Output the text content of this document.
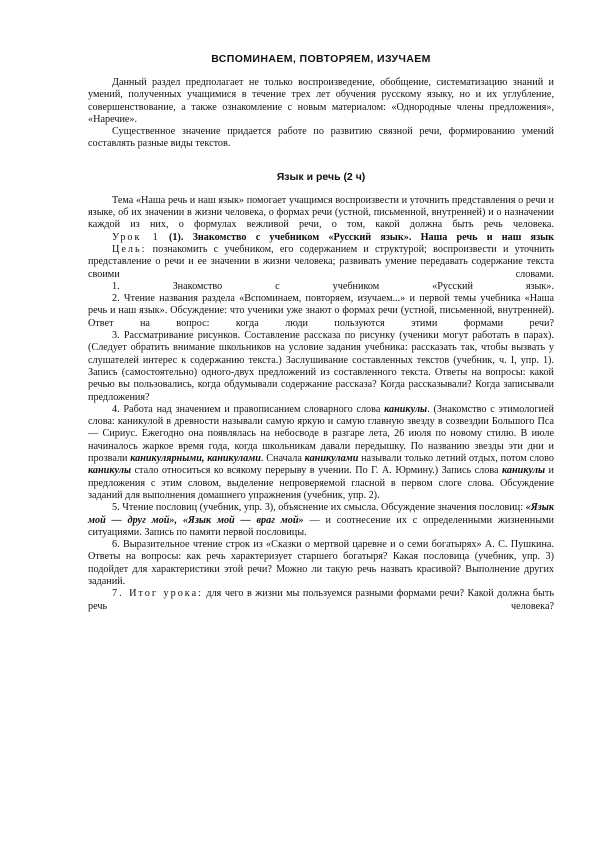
ВСПОМИНАЕМ, ПОВТОРЯЕМ, ИЗУЧАЕМ

Данный раздел предполагает не только воспроизведение, обобщение, систематизацию знаний и умений, полученных учащимися в течение трех лет обучения русскому языку, но и их углубление, совершенствование, а также ознакомление с новым материалом: «Однородные члены предложения», «Наречие».

Существенное значение придается работе по развитию связной речи, формированию умений составлять разные виды текстов.

Язык и речь (2 ч)

Тема «Наша речь и наш язык» помогает учащимся воспроизвести и уточнить представления о речи и языке, об их значении в жизни человека, о формах речи (устной, письменной, внутренней) и о назначении каждой из них, о формулах вежливой речи, о том, какой должна быть речь человека.

Урок 1 (1). Знакомство с учебником «Русский язык». Наша речь и наш язык

Цель: познакомить с учебником, его содержанием и структурой; воспроизвести и уточнить представление о речи и ее значении в жизни человека; развивать умение передавать содержание текста своими словами.

1. Знакомство с учебником «Русский язык».

2. Чтение названия раздела «Вспоминаем, повторяем, изучаем...» и первой темы учебника «Наша речь и наш язык». Обсуждение: что ученики уже знают о формах речи (устной, письменной, внутренней). Ответ на вопрос: когда люди пользуются этими формами речи?

3. Рассматривание рисунков. Составление рассказа по рисунку (ученики могут работать в парах). (Следует обратить внимание школьников на условие задания учебника: рассказать так, чтобы вызвать у слушателей интерес к содержанию текста.) Заслушивание составленных текстов (учебник, ч. I, упр. 1). Запись (самостоятельно) одного-двух предложений из составленного текста. Ответы на вопросы: какой речью вы пользовались, когда обдумывали содержание рассказа? Когда рассказывали? Когда записывали предложения?

4. Работа над значением и правописанием словарного слова каникулы. (Знакомство с этимологией слова: каникулой в древности называли самую яркую и самую главную звезду в созвездии Большого Пса — Сириус. Ежегодно она появлялась на небосводе в разгаре лета, 26 июля по новому стилю. В июле начиналось жаркое время года, когда школьникам давали передышку. По названию звезды эти дни и прозвали каникулярными, каникулами. Сначала каникулами называли только летний отдых, потом слово каникулы стало относиться ко всякому перерыву в учении. По Г. А. Юрмину.) Запись слова каникулы и предложения с этим словом, выделение непроверяемой гласной в первом слоге слова. Обсуждение заданий для выполнения домашнего упражнения (учебник, упр. 2).

5. Чтение пословиц (учебник, упр. 3), объяснение их смысла. Обсуждение значения пословиц: «Язык мой — друг мой», «Язык мой — враг мой» — и соотнесение их с определенными жизненными ситуациями. Запись по памяти первой пословицы.

6. Выразительное чтение строк из «Сказки о мертвой царевне и о семи богатырях» А. С. Пушкина. Ответы на вопросы: как речь характеризует старшего богатыря? Какая пословица (учебник, упр. 3) подойдет для характеристики этой речи? Можно ли такую речь назвать красивой? Выполнение других заданий.

7. Итог урока: для чего в жизни мы пользуемся разными формами речи? Какой должна быть речь человека?
